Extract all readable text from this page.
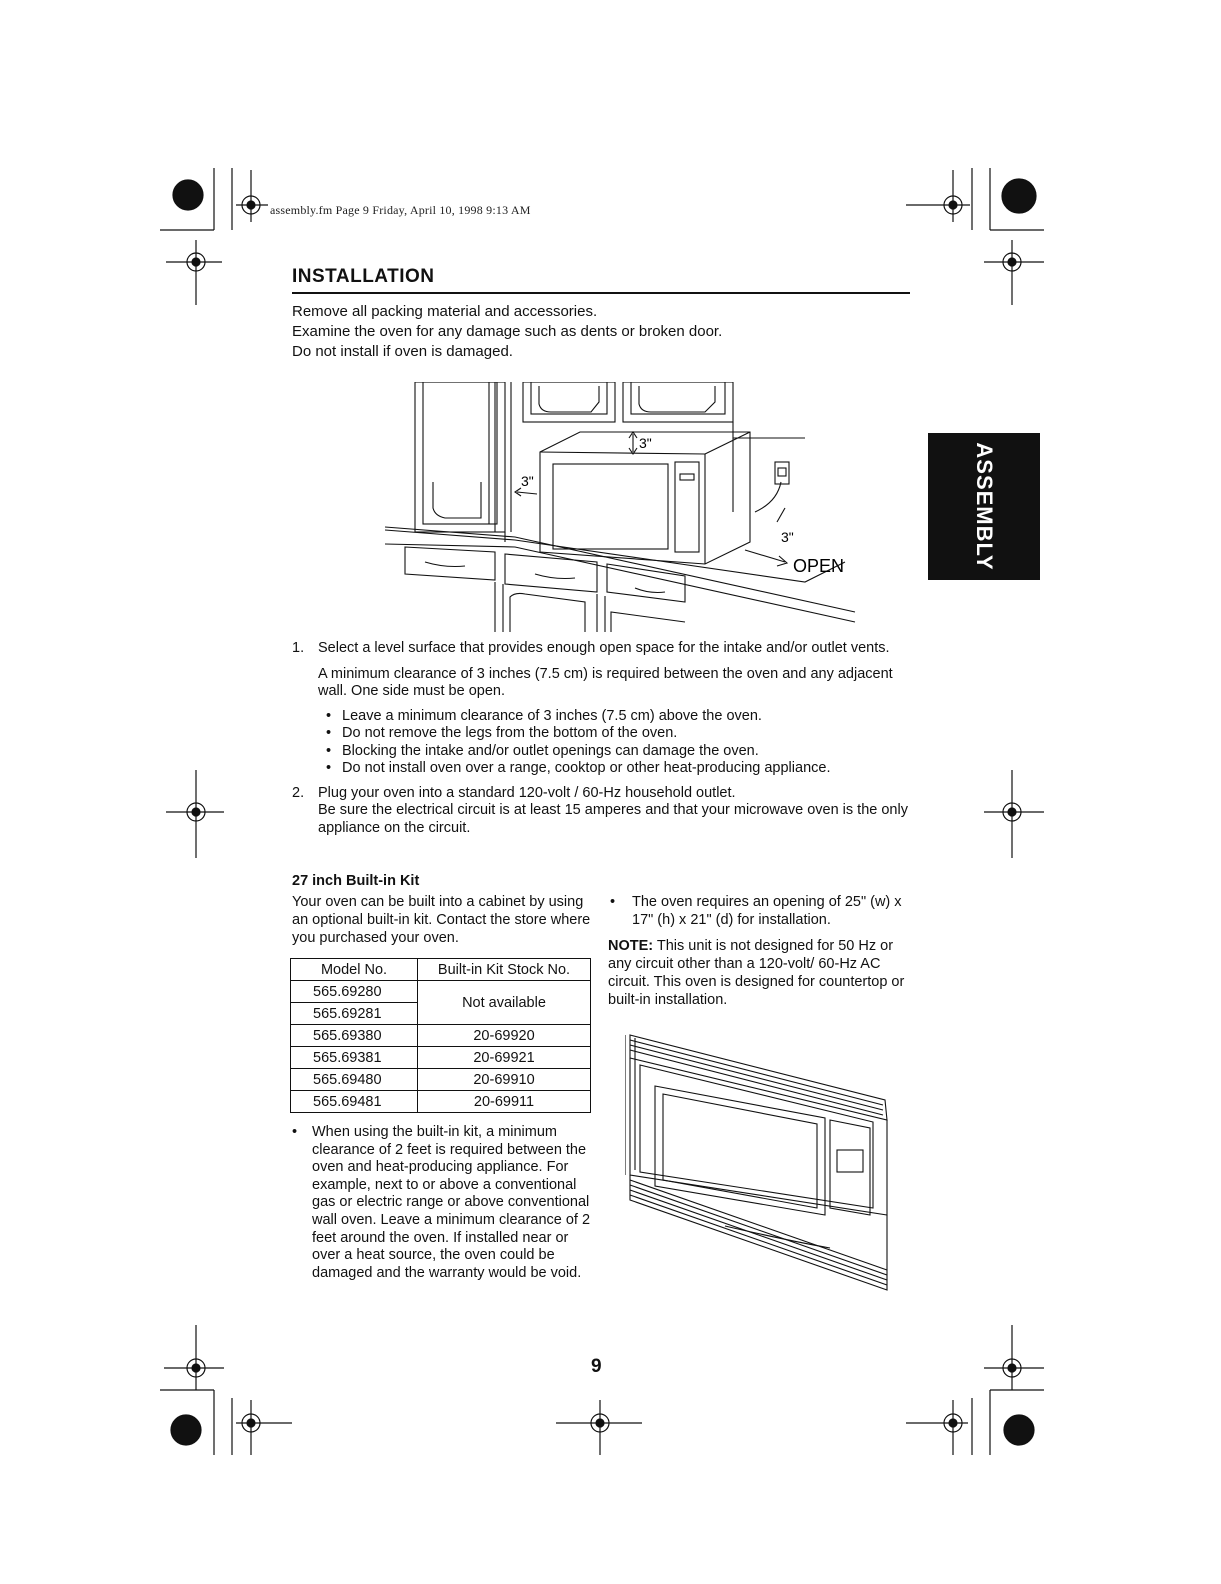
assembly.fm Page 9 Friday, April 10, 1998 9:13 AM
INSTALLATION
Remove all packing material and accessories.
Examine the oven for any damage such as dents or broken door.
Do not install if oven is damaged.
3"
3"
3"
OPEN	ASSEMBLY
1. Select a level surface that provides enough open space for the intake and/or outlet vents.
A minimum clearance of 3 inches (7.5 cm) is required between the oven and any adjacent wall. One side must be open.
• Leave a minimum clearance of 3 inches (7.5 cm) above the oven.
• Do not remove the legs from the bottom of the oven.
• Blocking the intake and/or outlet openings can damage the oven.
• Do not install oven over a range, cooktop or other heat-producing appliance.
2. Plug your oven into a standard 120-volt / 60-Hz household outlet.
Be sure the electrical circuit is at least 15 amperes and that your microwave oven is the only appliance on the circuit.
27 inch Built-in Kit
Your oven can be built into a cabinet by using an optional built-in kit. Contact the store where you purchased your oven.
Model No.	Built-in Kit Stock No.
565.69280	Not available
565.69281	
565.69380	20-69920
565.69381	20-69921
565.69480	20-69910
565.69481	20-69911
• When using the built-in kit, a minimum clearance of 2 feet is required between the oven and heat-producing appliance. For example, next to or above a conventional gas or electric range or above conventional wall oven. Leave a minimum clearance of 2 feet around the oven. If installed near or over a heat source, the oven could be damaged and the warranty would be void.
• The oven requires an opening of 25" (w) x 17" (h) x 21" (d) for installation.
NOTE: This unit is not designed for 50 Hz or any circuit other than a 120-volt/ 60-Hz AC circuit. This oven is designed for countertop or built-in installation.
9
